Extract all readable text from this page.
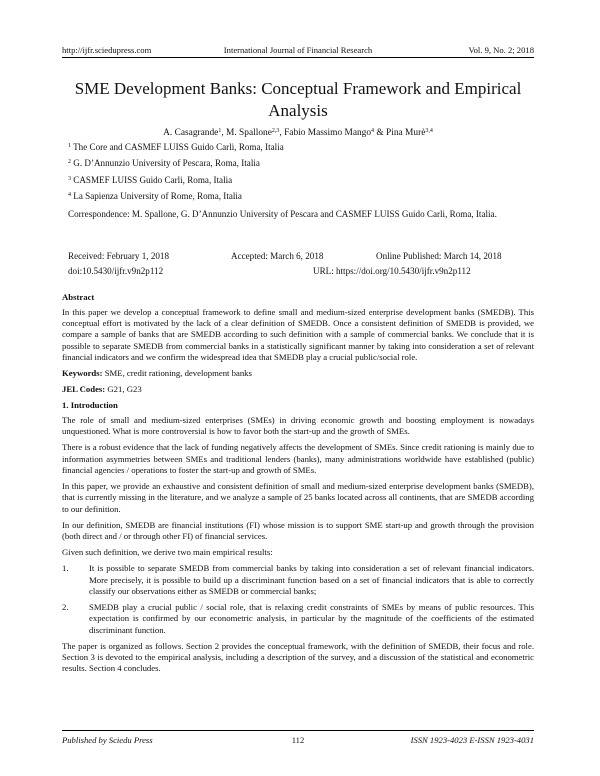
http://ijfr.sciedupress.com	International Journal of Financial Research	Vol. 9, No. 2; 2018
SME Development Banks: Conceptual Framework and Empirical Analysis
A. Casagrande$^1$, M. Spallone$^{2,3}$, Fabio Massimo Mango$^4$ & Pina Murè$^{3,4}$
$^1$ The Core and CASMEF LUISS Guido Carli, Roma, Italia
$^2$ G. D’Annunzio University of Pescara, Roma, Italia
$^3$ CASMEF LUISS Guido Carli, Roma, Italia
$^4$ La Sapienza University of Rome, Roma, Italia
Correspondence: M. Spallone, G. D’Annunzio University of Pescara and CASMEF LUISS Guido Carli, Roma, Italia.
Received: February 1, 2018	Accepted: March 6, 2018	Online Published: March 14, 2018
doi:10.5430/ijfr.v9n2p112	URL: https://doi.org/10.5430/ijfr.v9n2p112

Abstract

In this paper we develop a conceptual framework to define small and medium-sized enterprise development banks (SMEDB). This conceptual effort is motivated by the lack of a clear definition of SMEDB. Once a consistent definition of SMEDB is provided, we compare a sample of banks that are SMEDB according to such definition with a sample of commercial banks. We conclude that it is possible to separate SMEDB from commercial banks in a statistically significant manner by taking into consideration a set of relevant financial indicators and we confirm the widespread idea that SMEDB play a crucial public/social role.

Keywords: SME, credit rationing, development banks

JEL Codes: G21, G23

1. Introduction

The role of small and medium-sized enterprises (SMEs) in driving economic growth and boosting employment is nowadays unquestioned. What is more controversial is how to favor both the start-up and the growth of SMEs.

There is a robust evidence that the lack of funding negatively affects the development of SMEs. Since credit rationing is mainly due to information asymmetries between SMEs and traditional lenders (banks), many administrations worldwide have established (public) financial agencies / operations to foster the start-up and growth of SMEs.

In this paper, we provide an exhaustive and consistent definition of small and medium-sized enterprise development banks (SMEDB), that is currently missing in the literature, and we analyze a sample of 25 banks located across all continents, that are SMEDB according to our definition.

In our definition, SMEDB are financial institutions (FI) whose mission is to support SME start-up and growth through the provision (both direct and / or through other FI) of financial services.

Given such definition, we derive two main empirical results:

1.	It is possible to separate SMEDB from commercial banks by taking into consideration a set of relevant financial indicators. More precisely, it is possible to build up a discriminant function based on a set of financial indicators that is able to correctly classify our observations either as SMEDB or commercial banks;

2.	SMEDB play a crucial public / social role, that is relaxing credit constraints of SMEs by means of public resources. This expectation is confirmed by our econometric analysis, in particular by the magnitude of the coefficients of the estimated discriminant function.

The paper is organized as follows. Section 2 provides the conceptual framework, with the definition of SMEDB, their focus and role. Section 3 is devoted to the empirical analysis, including a description of the survey, and a discussion of the statistical and econometric results. Section 4 concludes.

Published by Sciedu Press	112	ISSN 1923-4023 E-ISSN 1923-4031
